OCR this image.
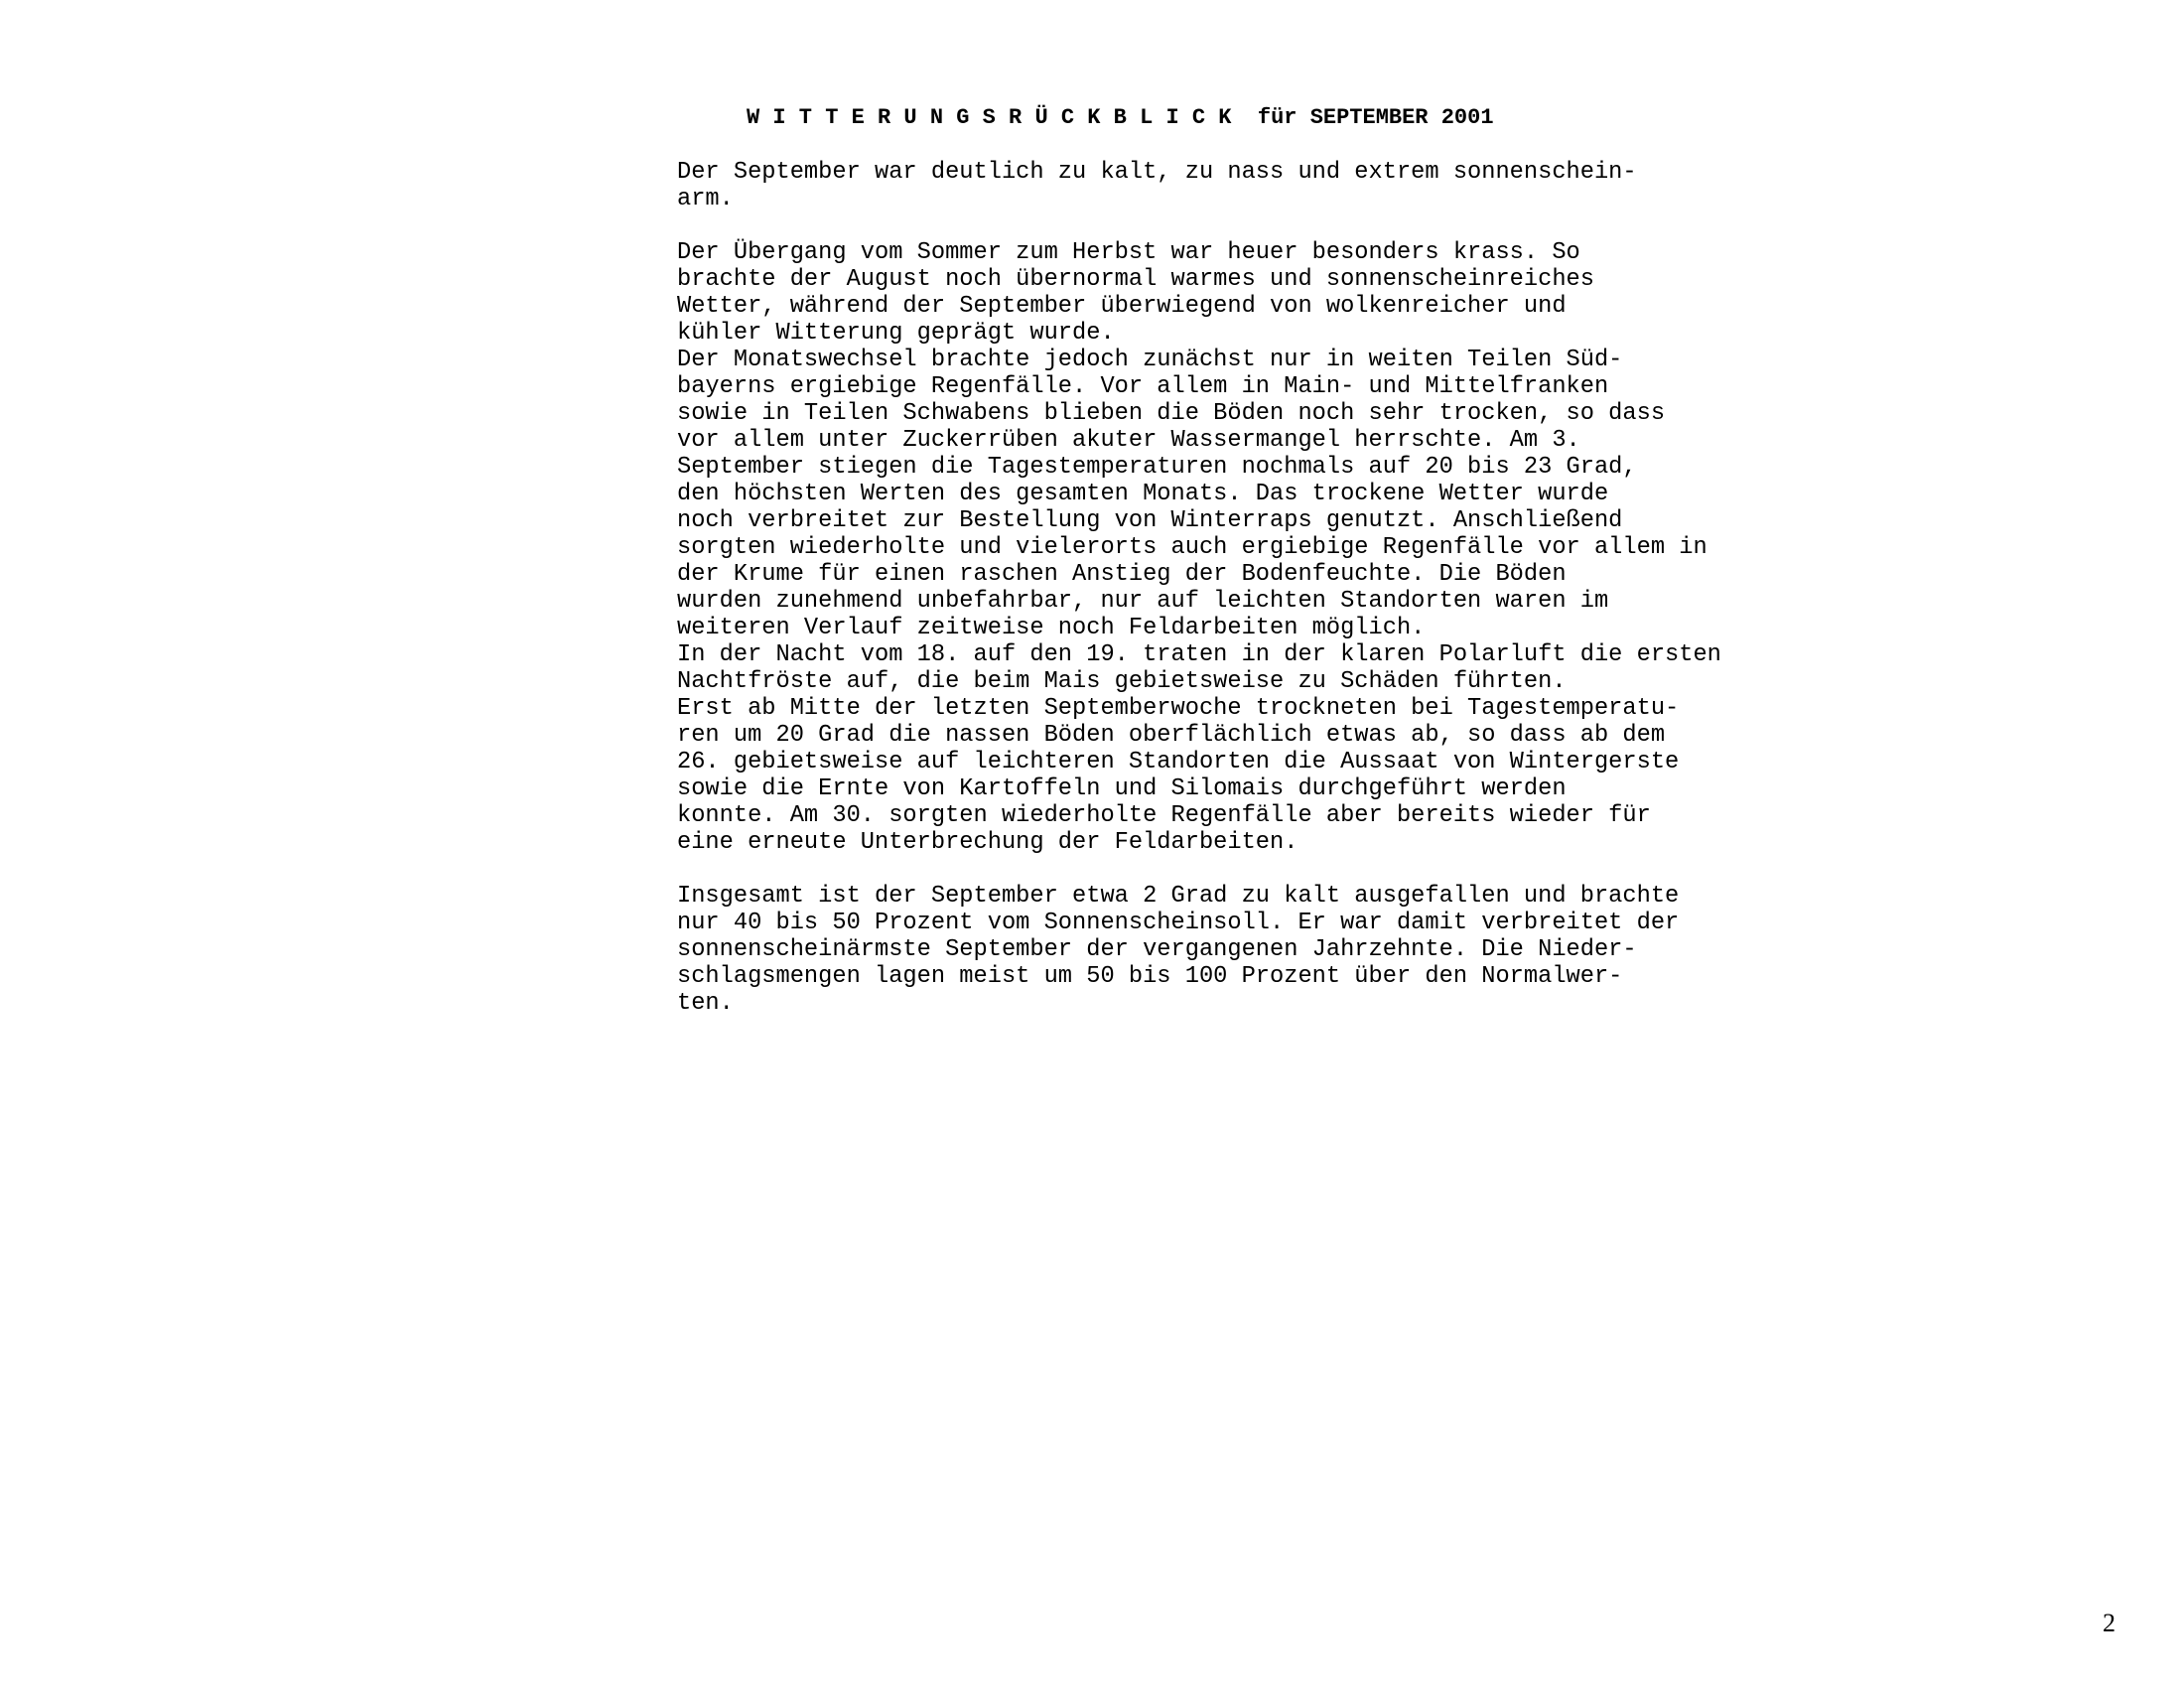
W I T T E R U N G S R Ü C K B L I C K  für SEPTEMBER 2001

Der September war deutlich zu kalt, zu nass und extrem sonnenschein-
arm.

Der Übergang vom Sommer zum Herbst war heuer besonders krass. So
brachte der August noch übernormal warmes und sonnenscheinreiches
Wetter, während der September überwiegend von wolkenreicher und
kühler Witterung geprägt wurde.
Der Monatswechsel brachte jedoch zunächst nur in weiten Teilen Süd-
bayerns ergiebige Regenfälle. Vor allem in Main- und Mittelfranken
sowie in Teilen Schwabens blieben die Böden noch sehr trocken, so dass
vor allem unter Zuckerrüben akuter Wassermangel herrschte. Am 3.
September stiegen die Tagestemperaturen nochmals auf 20 bis 23 Grad,
den höchsten Werten des gesamten Monats. Das trockene Wetter wurde
noch verbreitet zur Bestellung von Winterraps genutzt. Anschließend
sorgten wiederholte und vielerorts auch ergiebige Regenfälle vor allem in
der Krume für einen raschen Anstieg der Bodenfeuchte. Die Böden
wurden zunehmend unbefahrbar, nur auf leichten Standorten waren im
weiteren Verlauf zeitweise noch Feldarbeiten möglich.
In der Nacht vom 18. auf den 19. traten in der klaren Polarluft die ersten
Nachtfröste auf, die beim Mais gebietsweise zu Schäden führten.
Erst ab Mitte der letzten Septemberwoche trockneten bei Tagestemperatu-
ren um 20 Grad die nassen Böden oberflächlich etwas ab, so dass ab dem
26. gebietsweise auf leichteren Standorten die Aussaat von Wintergerste
sowie die Ernte von Kartoffeln und Silomais durchgeführt werden
konnte. Am 30. sorgten wiederholte Regenfälle aber bereits wieder für
eine erneute Unterbrechung der Feldarbeiten.

Insgesamt ist der September etwa 2 Grad zu kalt ausgefallen und brachte
nur 40 bis 50 Prozent vom Sonnenscheinsoll. Er war damit verbreitet der
sonnenscheinärmste September der vergangenen Jahrzehnte. Die Nieder-
schlagsmengen lagen meist um 50 bis 100 Prozent über den Normalwer-
ten.

2
